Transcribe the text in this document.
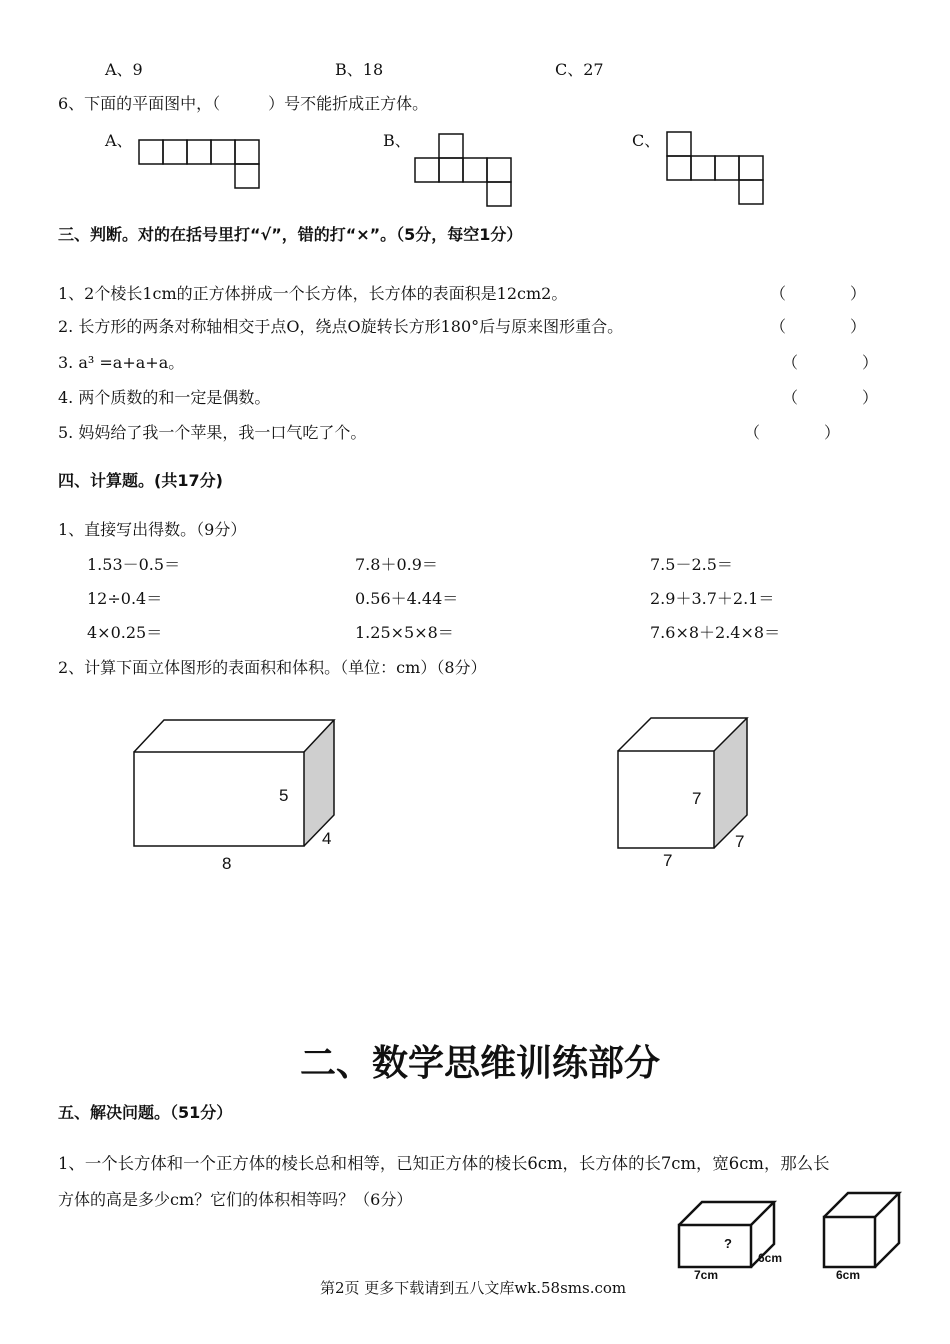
A、9	B、18	C、27
6、下面的平面图中，（　　　）号不能折成正方体。
A、	B、	C、
三、判断。对的在括号里打“√”，错的打“×”。（5分，每空1分）
1、2个棱长1cm的正方体拼成一个长方体，长方体的表面积是12cm2。	（　　　　）
2. 长方形的两条对称轴相交于点O，绕点O旋转长方形180°后与原来图形重合。	（　　　　）
3. a³ =a+a+a。	（　　　　）
4. 两个质数的和一定是偶数。	（　　　　）
5. 妈妈给了我一个苹果，我一口气吃了个。	（　　　　）
四、计算题。(共17分)
1、直接写出得数。（9分）
1.53－0.5＝	7.8＋0.9＝	7.5－2.5＝
12÷0.4＝	0.56＋4.44＝	2.9＋3.7＋2.1＝
4×0.25＝	1.25×5×8＝	7.6×8＋2.4×8＝
2、计算下面立体图形的表面积和体积。（单位：cm）（8分）
5
4
8
7
7
7
二、数学思维训练部分
五、解决问题。（51分）
1、一个长方体和一个正方体的棱长总和相等，已知正方体的棱长6cm，长方体的长7cm，宽6cm，那么长
方体的高是多少cm？它们的体积相等吗？（6分）
?
6cm
7cm	6cm
第2页 更多下载请到五八文库wk.58sms.com
